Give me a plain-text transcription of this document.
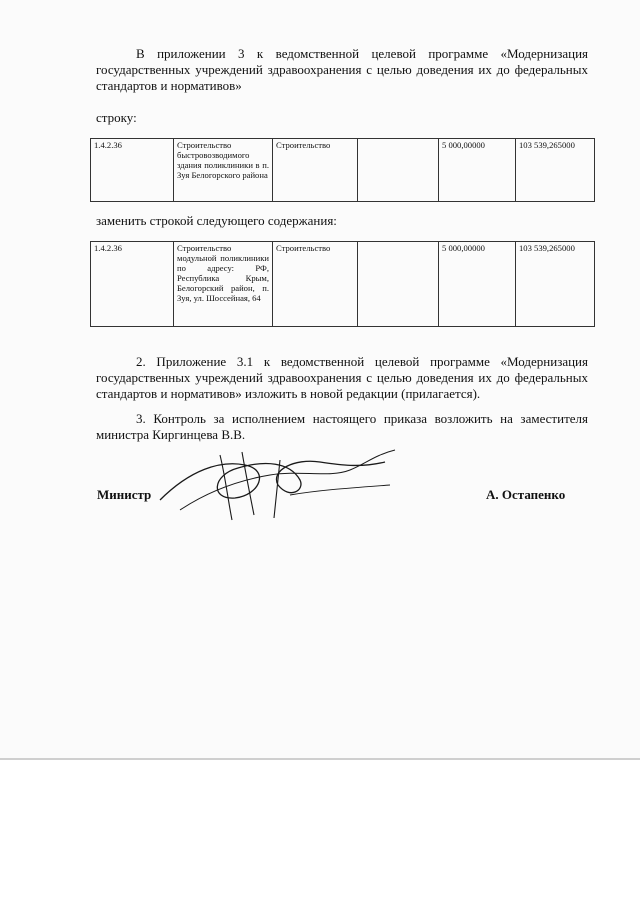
В приложении 3 к ведомственной целевой программе «Модернизация государственных учреждений здравоохранения с целью доведения их до федеральных стандартов и нормативов»
строку:
1.4.2.36	Строительство быстровозводимого здания поликлиники в п. Зуя Белогорского района	Строительство		5 000,00000	103 539,265000
заменить строкой следующего содержания:
1.4.2.36	Строительство модульной поликлиники по адресу: РФ, Республика Крым, Белогорский район, п. Зуя, ул. Шоссейная, 64	Строительство		5 000,00000	103 539,265000
2. Приложение 3.1 к ведомственной целевой программе «Модернизация государственных учреждений здравоохранения с целью доведения их до федеральных стандартов и нормативов» изложить в новой редакции (прилагается).
3. Контроль за исполнением настоящего приказа возложить на заместителя министра Киргинцева В.В.
Министр	А. Остапенко
